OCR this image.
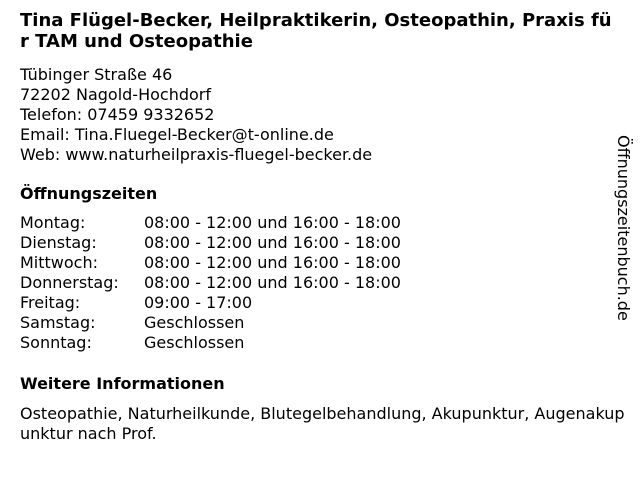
Tina Flügel-Becker, Heilpraktikerin, Osteopathin, Praxis für TAM und Osteopathie
Tübinger Straße 46
72202 Nagold-Hochdorf
Telefon: 07459 9332652
Email: Tina.Fluegel-Becker@t-online.de
Web: www.naturheilpraxis-fluegel-becker.de
Öffnungszeiten
Montag:	08:00 - 12:00 und 16:00 - 18:00
Dienstag:	08:00 - 12:00 und 16:00 - 18:00
Mittwoch:	08:00 - 12:00 und 16:00 - 18:00
Donnerstag:	08:00 - 12:00 und 16:00 - 18:00
Freitag:	09:00 - 17:00
Samstag:	Geschlossen
Sonntag:	Geschlossen
Weitere Informationen
Osteopathie, Naturheilkunde, Blutegelbehandlung, Akupunktur, Augenakupunktur nach Prof.
Öffnungszeitenbuch.de
